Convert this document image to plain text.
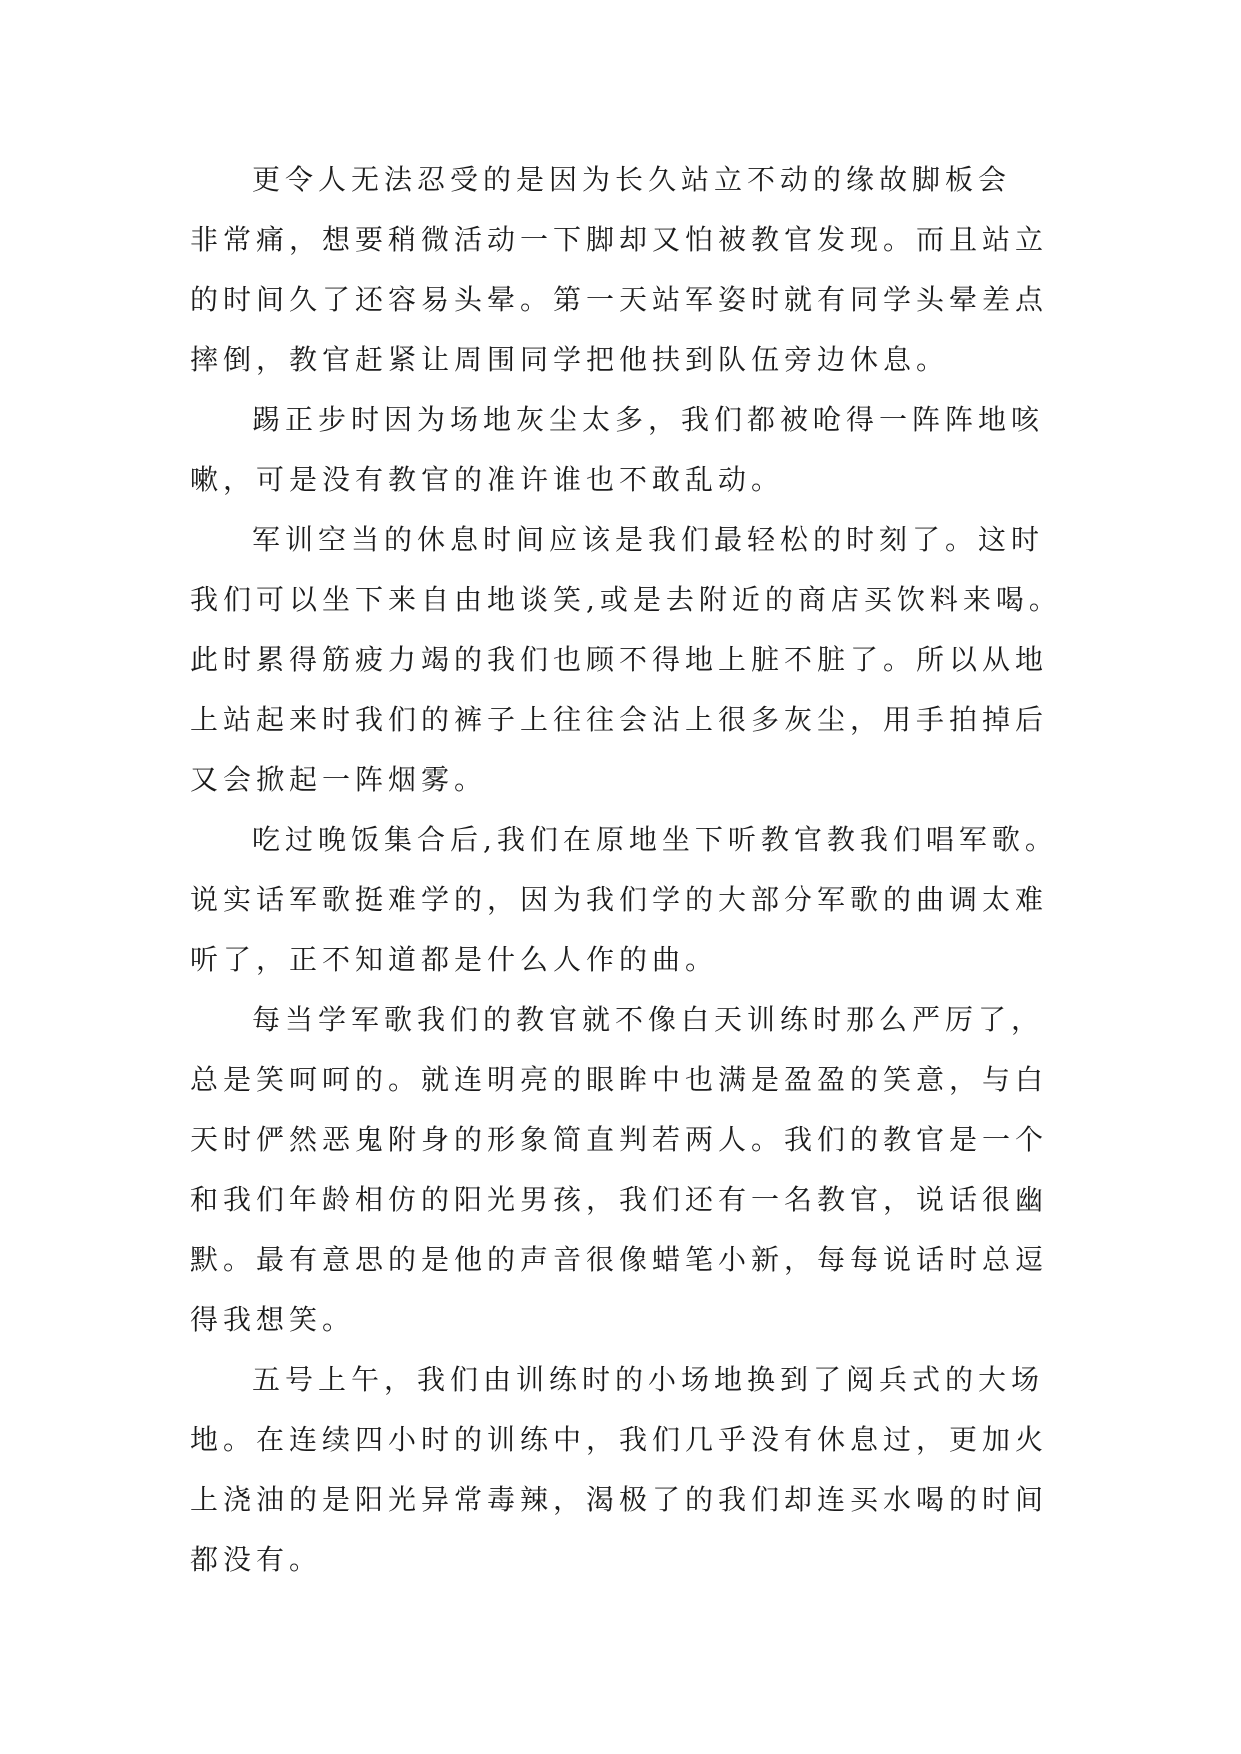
更令人无法忍受的是因为长久站立不动的缘故脚板会
非常痛，想要稍微活动一下脚却又怕被教官发现。而且站立
的时间久了还容易头晕。第一天站军姿时就有同学头晕差点
摔倒，教官赶紧让周围同学把他扶到队伍旁边休息。
踢正步时因为场地灰尘太多，我们都被呛得一阵阵地咳
嗽，可是没有教官的准许谁也不敢乱动。
军训空当的休息时间应该是我们最轻松的时刻了。这时
我们可以坐下来自由地谈笑,或是去附近的商店买饮料来喝。
此时累得筋疲力竭的我们也顾不得地上脏不脏了。所以从地
上站起来时我们的裤子上往往会沾上很多灰尘，用手拍掉后
又会掀起一阵烟雾。
吃过晚饭集合后,我们在原地坐下听教官教我们唱军歌。
说实话军歌挺难学的，因为我们学的大部分军歌的曲调太难
听了，正不知道都是什么人作的曲。
每当学军歌我们的教官就不像白天训练时那么严厉了，
总是笑呵呵的。就连明亮的眼眸中也满是盈盈的笑意，与白
天时俨然恶鬼附身的形象简直判若两人。我们的教官是一个
和我们年龄相仿的阳光男孩，我们还有一名教官，说话很幽
默。最有意思的是他的声音很像蜡笔小新，每每说话时总逗
得我想笑。
五号上午，我们由训练时的小场地换到了阅兵式的大场
地。在连续四小时的训练中，我们几乎没有休息过，更加火
上浇油的是阳光异常毒辣，渴极了的我们却连买水喝的时间
都没有。
